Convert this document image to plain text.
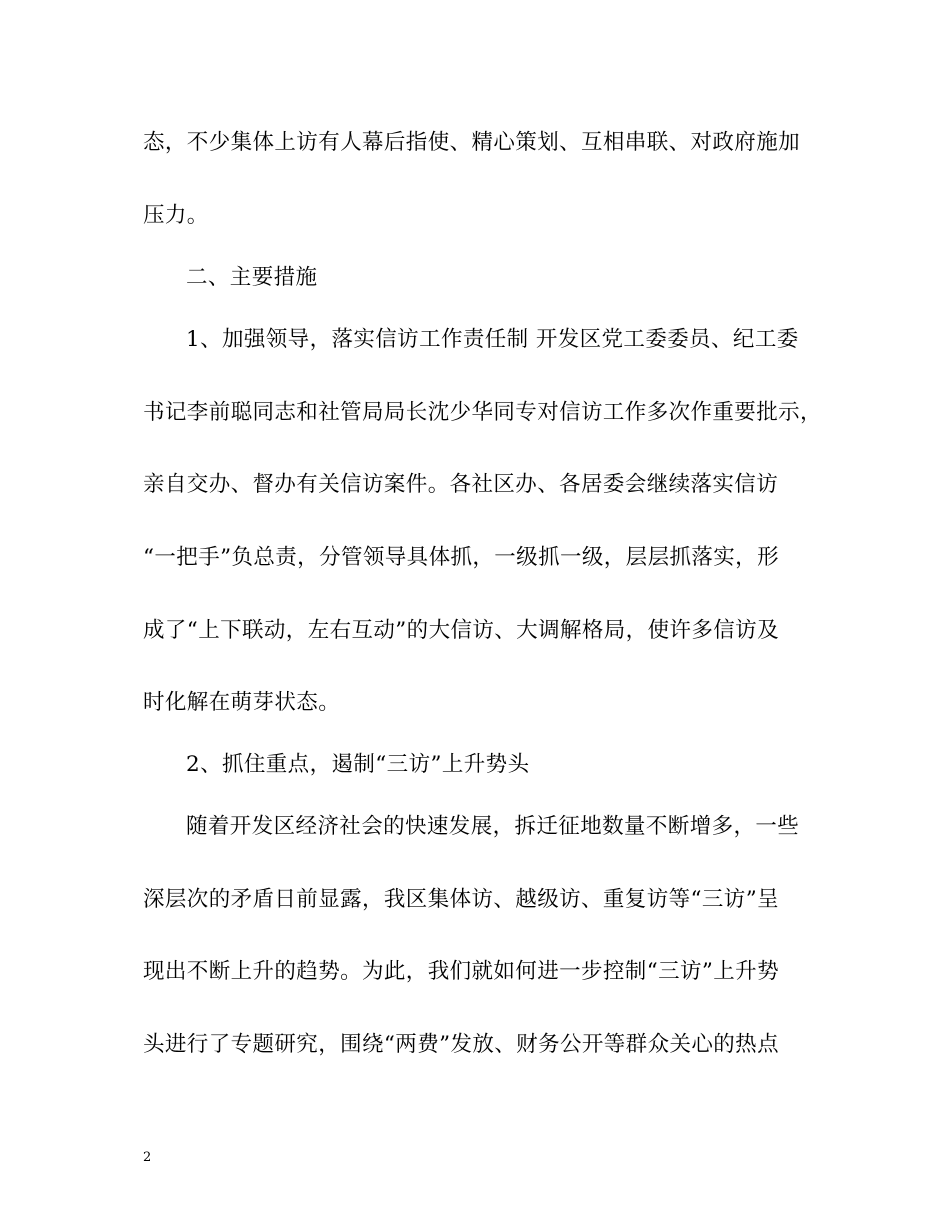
态，不少集体上访有人幕后指使、精心策划、互相串联、对政府施加
压力。
二、主要措施
1、加强领导，落实信访工作责任制 开发区党工委委员、纪工委
书记李前聪同志和社管局局长沈少华同专对信访工作多次作重要批示，
亲自交办、督办有关信访案件。各社区办、各居委会继续落实信访
“一把手”负总责，分管领导具体抓，一级抓一级，层层抓落实，形
成了“上下联动，左右互动”的大信访、大调解格局，使许多信访及
时化解在萌芽状态。
2、抓住重点，遏制“三访”上升势头
随着开发区经济社会的快速发展，拆迁征地数量不断增多，一些
深层次的矛盾日前显露，我区集体访、越级访、重复访等“三访”呈
现出不断上升的趋势。为此，我们就如何进一步控制“三访”上升势
头进行了专题研究，围绕“两费”发放、财务公开等群众关心的热点
2
